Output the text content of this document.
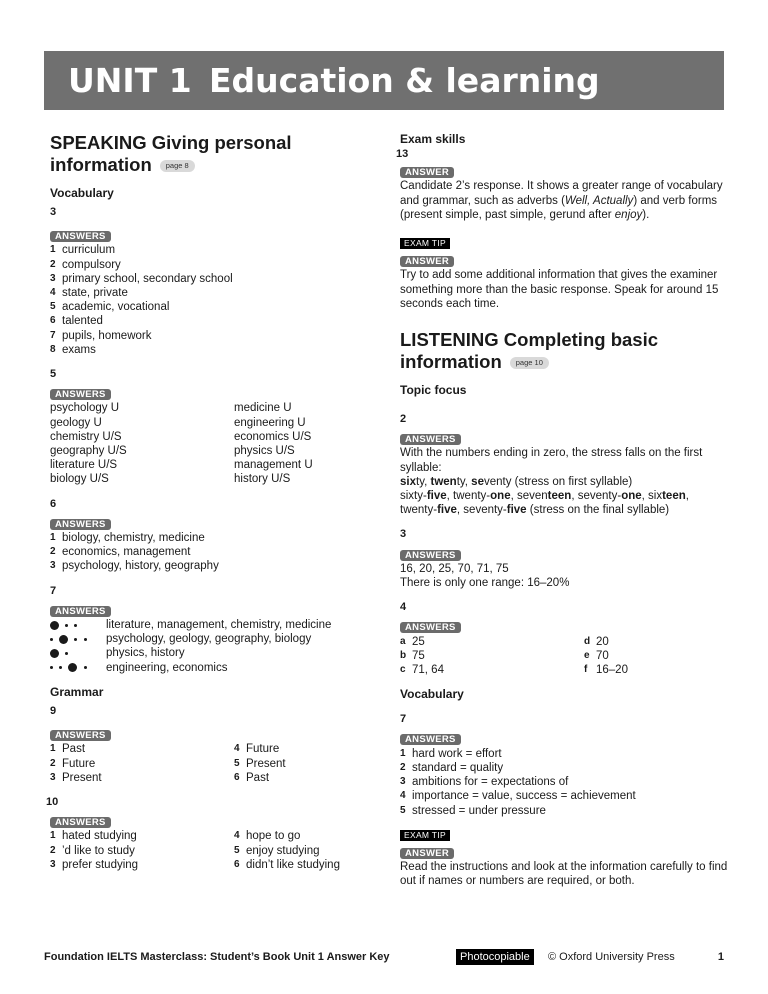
UNIT 1 Education & learning
SPEAKING Giving personal
information page 8
Vocabulary
3
ANSWERS
1 curriculum
2 compulsory
3 primary school, secondary school
4 state, private
5 academic, vocational
6 talented
7 pupils, homework
8 exams
5
ANSWERS
psychology U	medicine U
geology U	engineering U
chemistry U/S	economics U/S
geography U/S	physics U/S
literature U/S	management U
biology U/S	history U/S
6
ANSWERS
1 biology, chemistry, medicine
2 economics, management
3 psychology, history, geography
7
ANSWERS

literature, management, chemistry, medicine

psychology, geology, geography, biology

physics, history

engineering, economics
Grammar
9
ANSWERS
1 Past	4 Future
2 Future	5 Present
3 Present	6 Past
10
ANSWERS
1 hated studying	4 hope to go
2 ’d like to study	5 enjoy studying
3 prefer studying	6 didn’t like studying
Exam skills
13
ANSWER
Candidate 2’s response. It shows a greater range of vocabulary and grammar, such as adverbs (Well, Actually) and verb forms (present simple, past simple, gerund after enjoy).
EXAM TIP
ANSWER
Try to add some additional information that gives the examiner something more than the basic response. Speak for around 15 seconds each time.
LISTENING Completing basic
information page 10
Topic focus
2
ANSWERS
With the numbers ending in zero, the stress falls on the first syllable:
sixty, twenty, seventy (stress on first syllable)
sixty-five, twenty-one, seventeen, seventy-one, sixteen,
twenty-five, seventy-five (stress on the final syllable)
3
ANSWERS
16, 20, 25, 70, 71, 75
There is only one range: 16–20%
4
ANSWERS
a 25	d 20
b 75	e 70
c 71, 64	f 16–20
Vocabulary
7
ANSWERS
1 hard work = effort
2 standard = quality
3 ambitions for = expectations of
4 importance = value, success = achievement
5 stressed = under pressure
EXAM TIP
ANSWER
Read the instructions and look at the information carefully to find out if names or numbers are required, or both.
Foundation IELTS Masterclass: Student’s Book Unit 1 Answer Key	Photocopiable	© Oxford University Press	1
